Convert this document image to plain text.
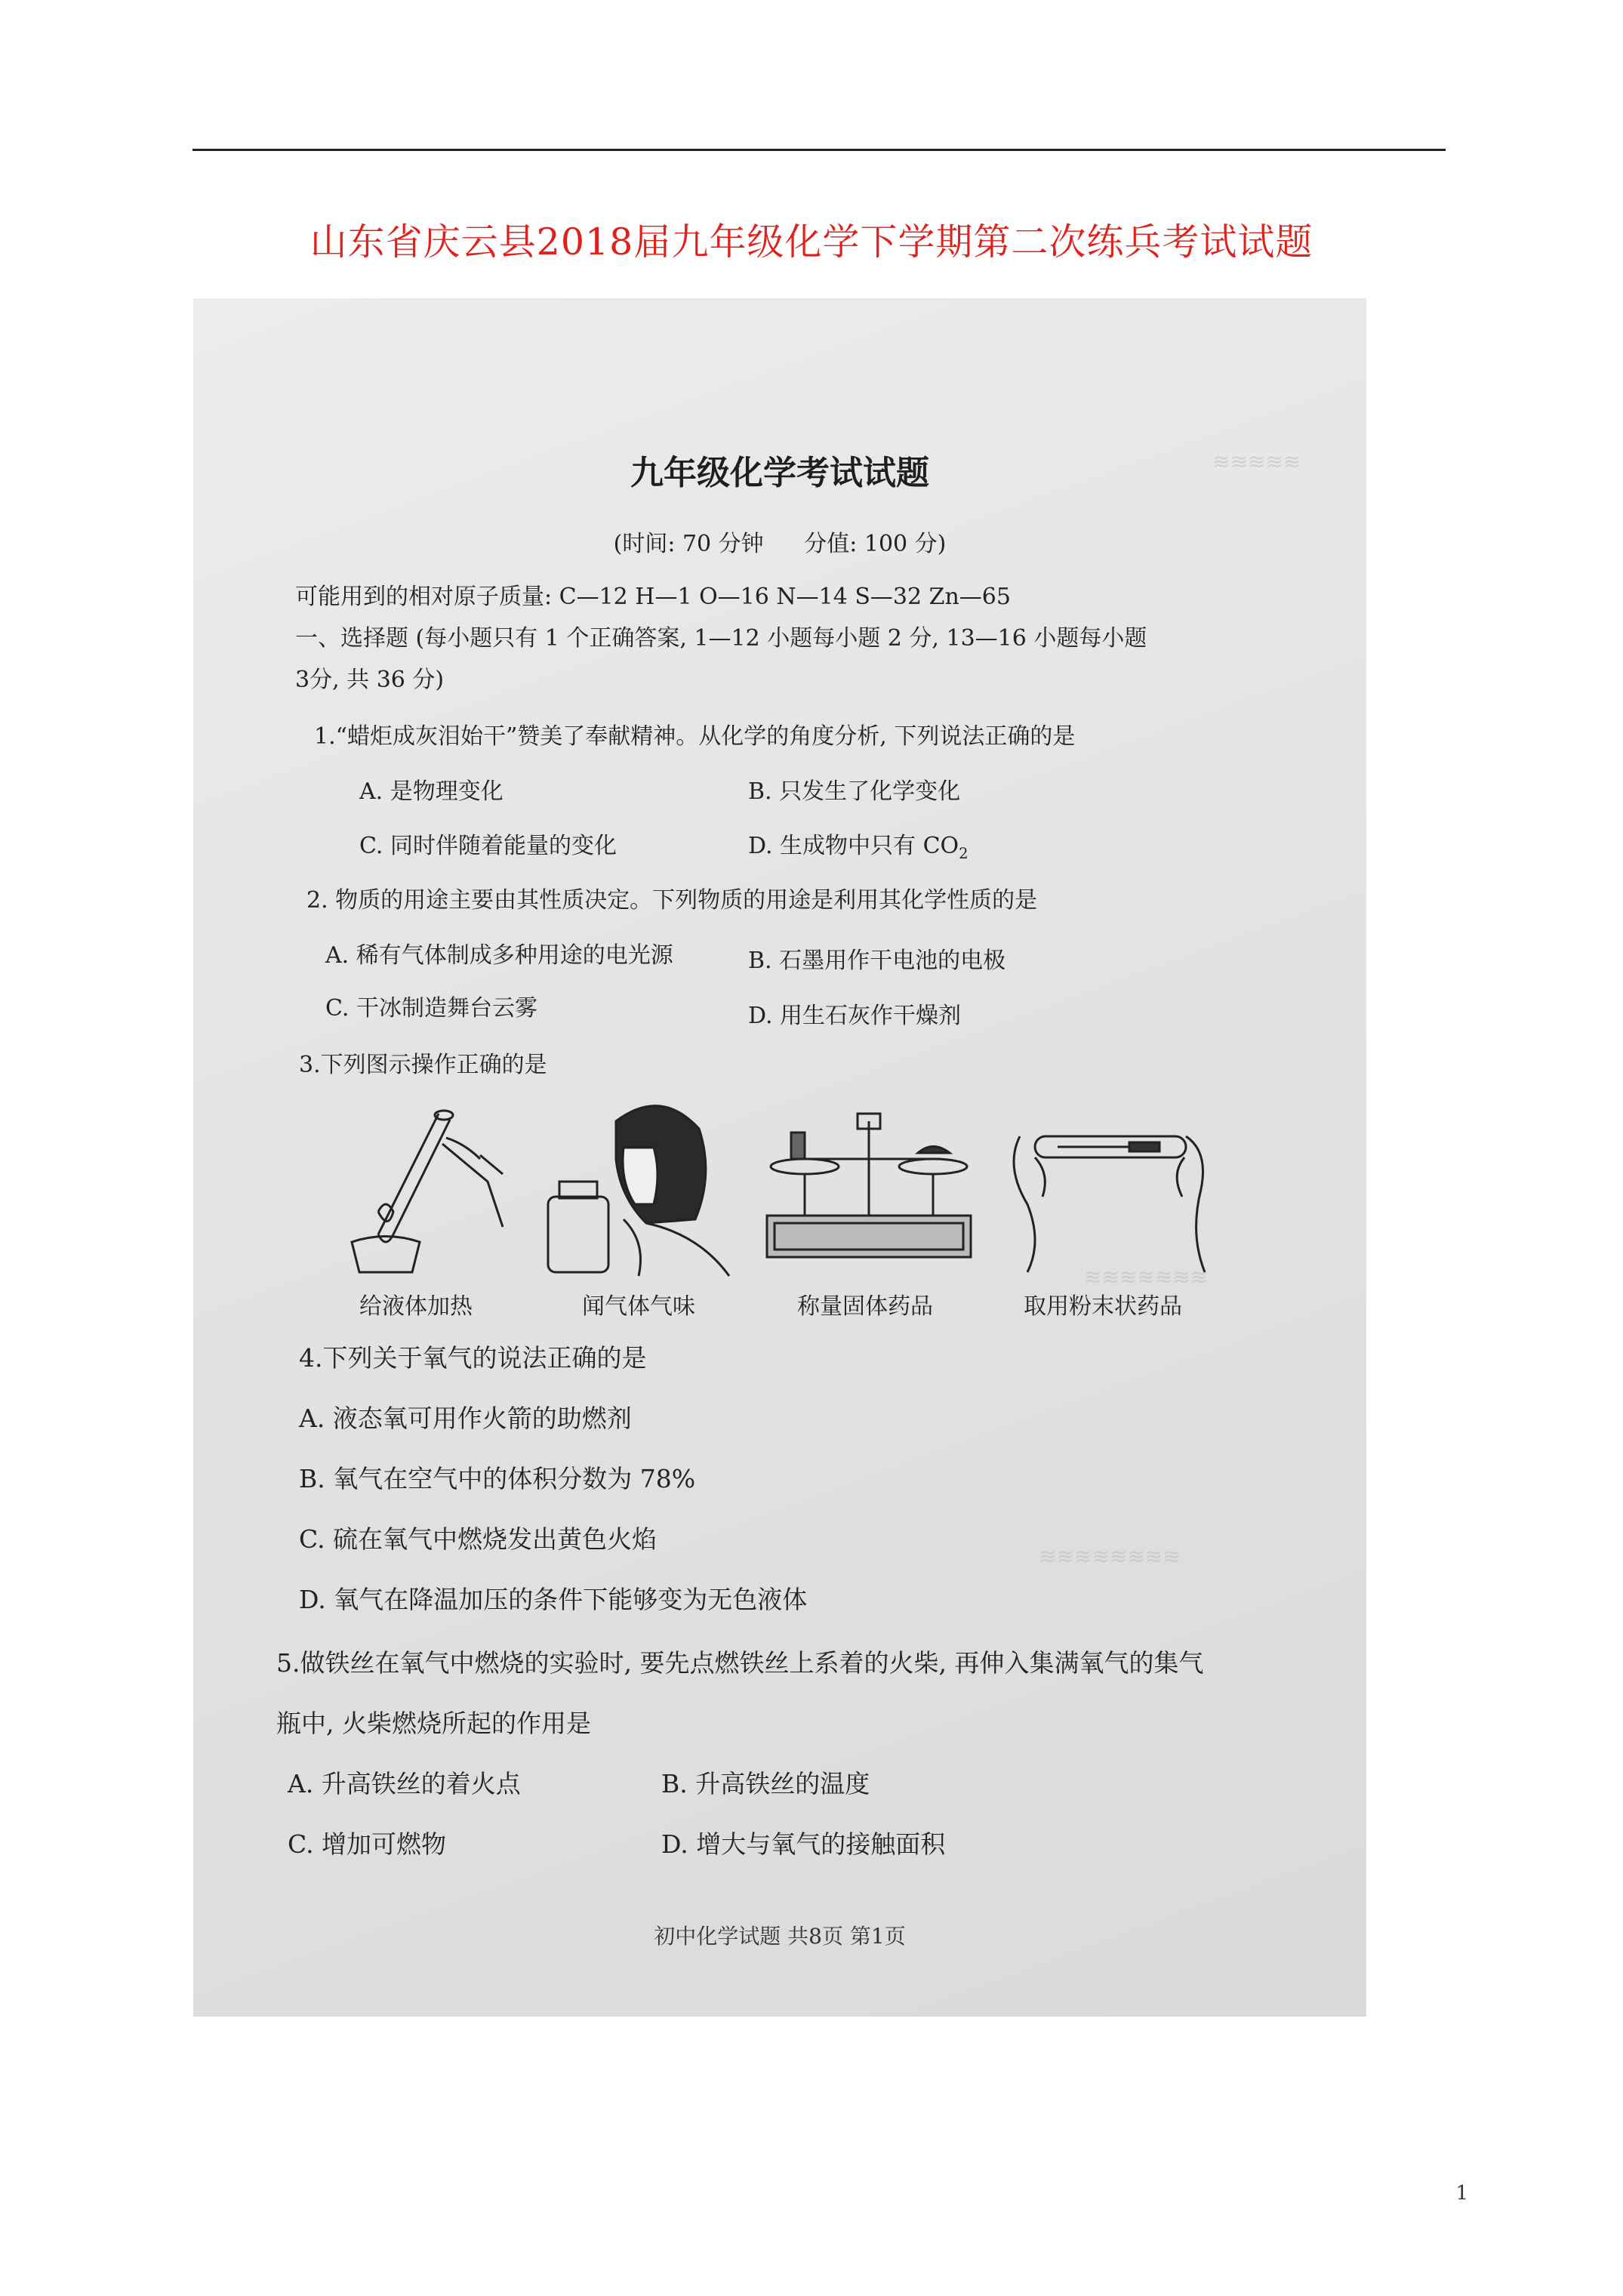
山东省庆云县2018届九年级化学下学期第二次练兵考试试题
≋≋≋≋≋
≋≋≋≋≋≋≋
≋≋≋≋≋≋≋≋
九年级化学考试试题
(时间: 70 分钟 分值: 100 分)
可能用到的相对原子质量: C—12 H—1 O—16 N—14 S—32 Zn—65
一、选择题 (每小题只有 1 个正确答案, 1—12 小题每小题 2 分, 13—16 小题每小题
3分, 共 36 分)
1.“蜡炬成灰泪始干”赞美了奉献精神。从化学的角度分析, 下列说法正确的是
A. 是物理变化	B. 只发生了化学变化
C. 同时伴随着能量的变化	D. 生成物中只有 $CO_2$
2. 物质的用途主要由其性质决定。下列物质的用途是利用其化学性质的是
A. 稀有气体制成多种用途的电光源	B. 石墨用作干电池的电极
C. 干冰制造舞台云雾	D. 用生石灰作干燥剂
3.下列图示操作正确的是
给液体加热	闻气体气味	称量固体药品	取用粉末状药品
4.下列关于氧气的说法正确的是
A. 液态氧可用作火箭的助燃剂
B. 氧气在空气中的体积分数为 78%
C. 硫在氧气中燃烧发出黄色火焰
D. 氧气在降温加压的条件下能够变为无色液体
5.做铁丝在氧气中燃烧的实验时, 要先点燃铁丝上系着的火柴, 再伸入集满氧气的集气
瓶中, 火柴燃烧所起的作用是
A. 升高铁丝的着火点	B. 升高铁丝的温度
C. 增加可燃物	D. 增大与氧气的接触面积
初中化学试题 共8页 第1页
1
